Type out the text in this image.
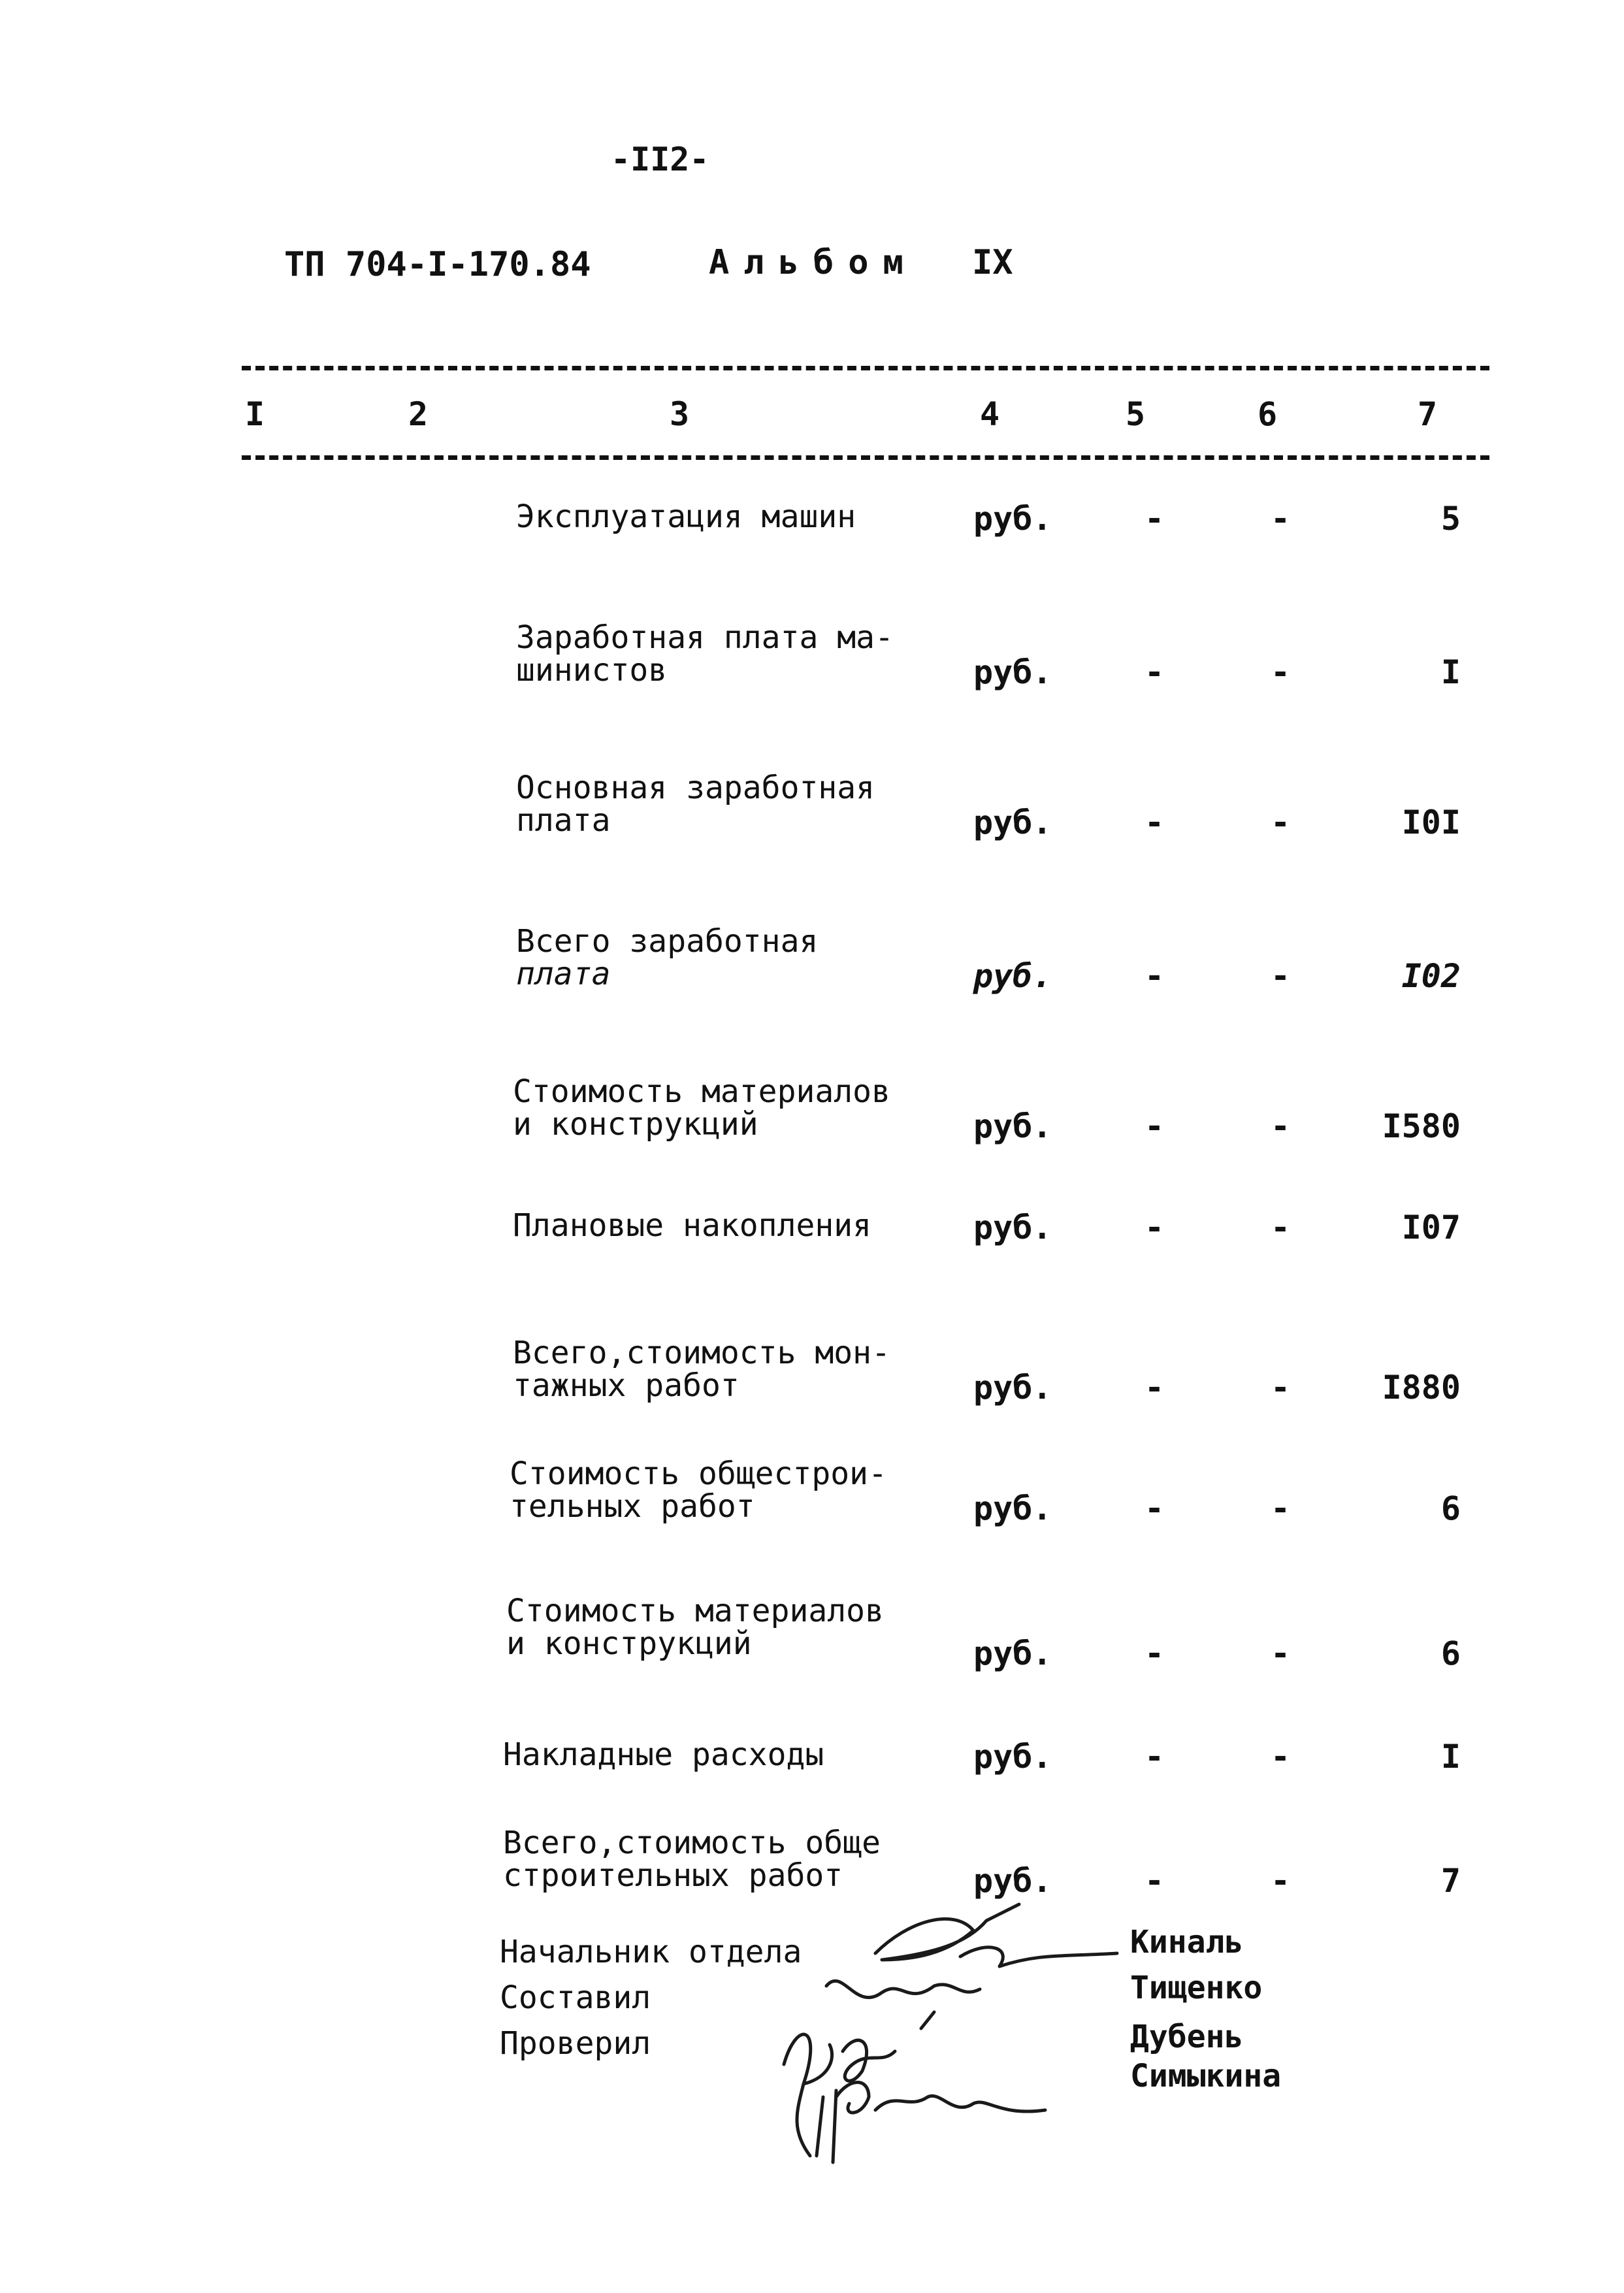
-II2-
ТП 704-I-170.84	Альбом IX
I	2	3	4	5	6	7
Эксплуатация машин	руб.	-	-	5
Заработная плата ма-
шинистов	руб.	-	-	I
Основная заработная
плата	руб.	-	-	I0I
Всего заработная
плата	руб.	-	-	I02
Стоимость материалов
и конструкций	руб.	-	-	I580
Плановые накопления	руб.	-	-	I07
Всего,стоимость мон-
тажных работ	руб.	-	-	I880
Стоимость общестрои-
тельных работ	руб.	-	-	6
Стоимость материалов
и конструкций	руб.	-	-	6
Накладные расходы	руб.	-	-	I
Всего,стоимость обще
строительных работ	руб.	-	-	7
Начальник отдела
Составил
Проверил
Киналь
Тищенко
Дубень
Симыкина
